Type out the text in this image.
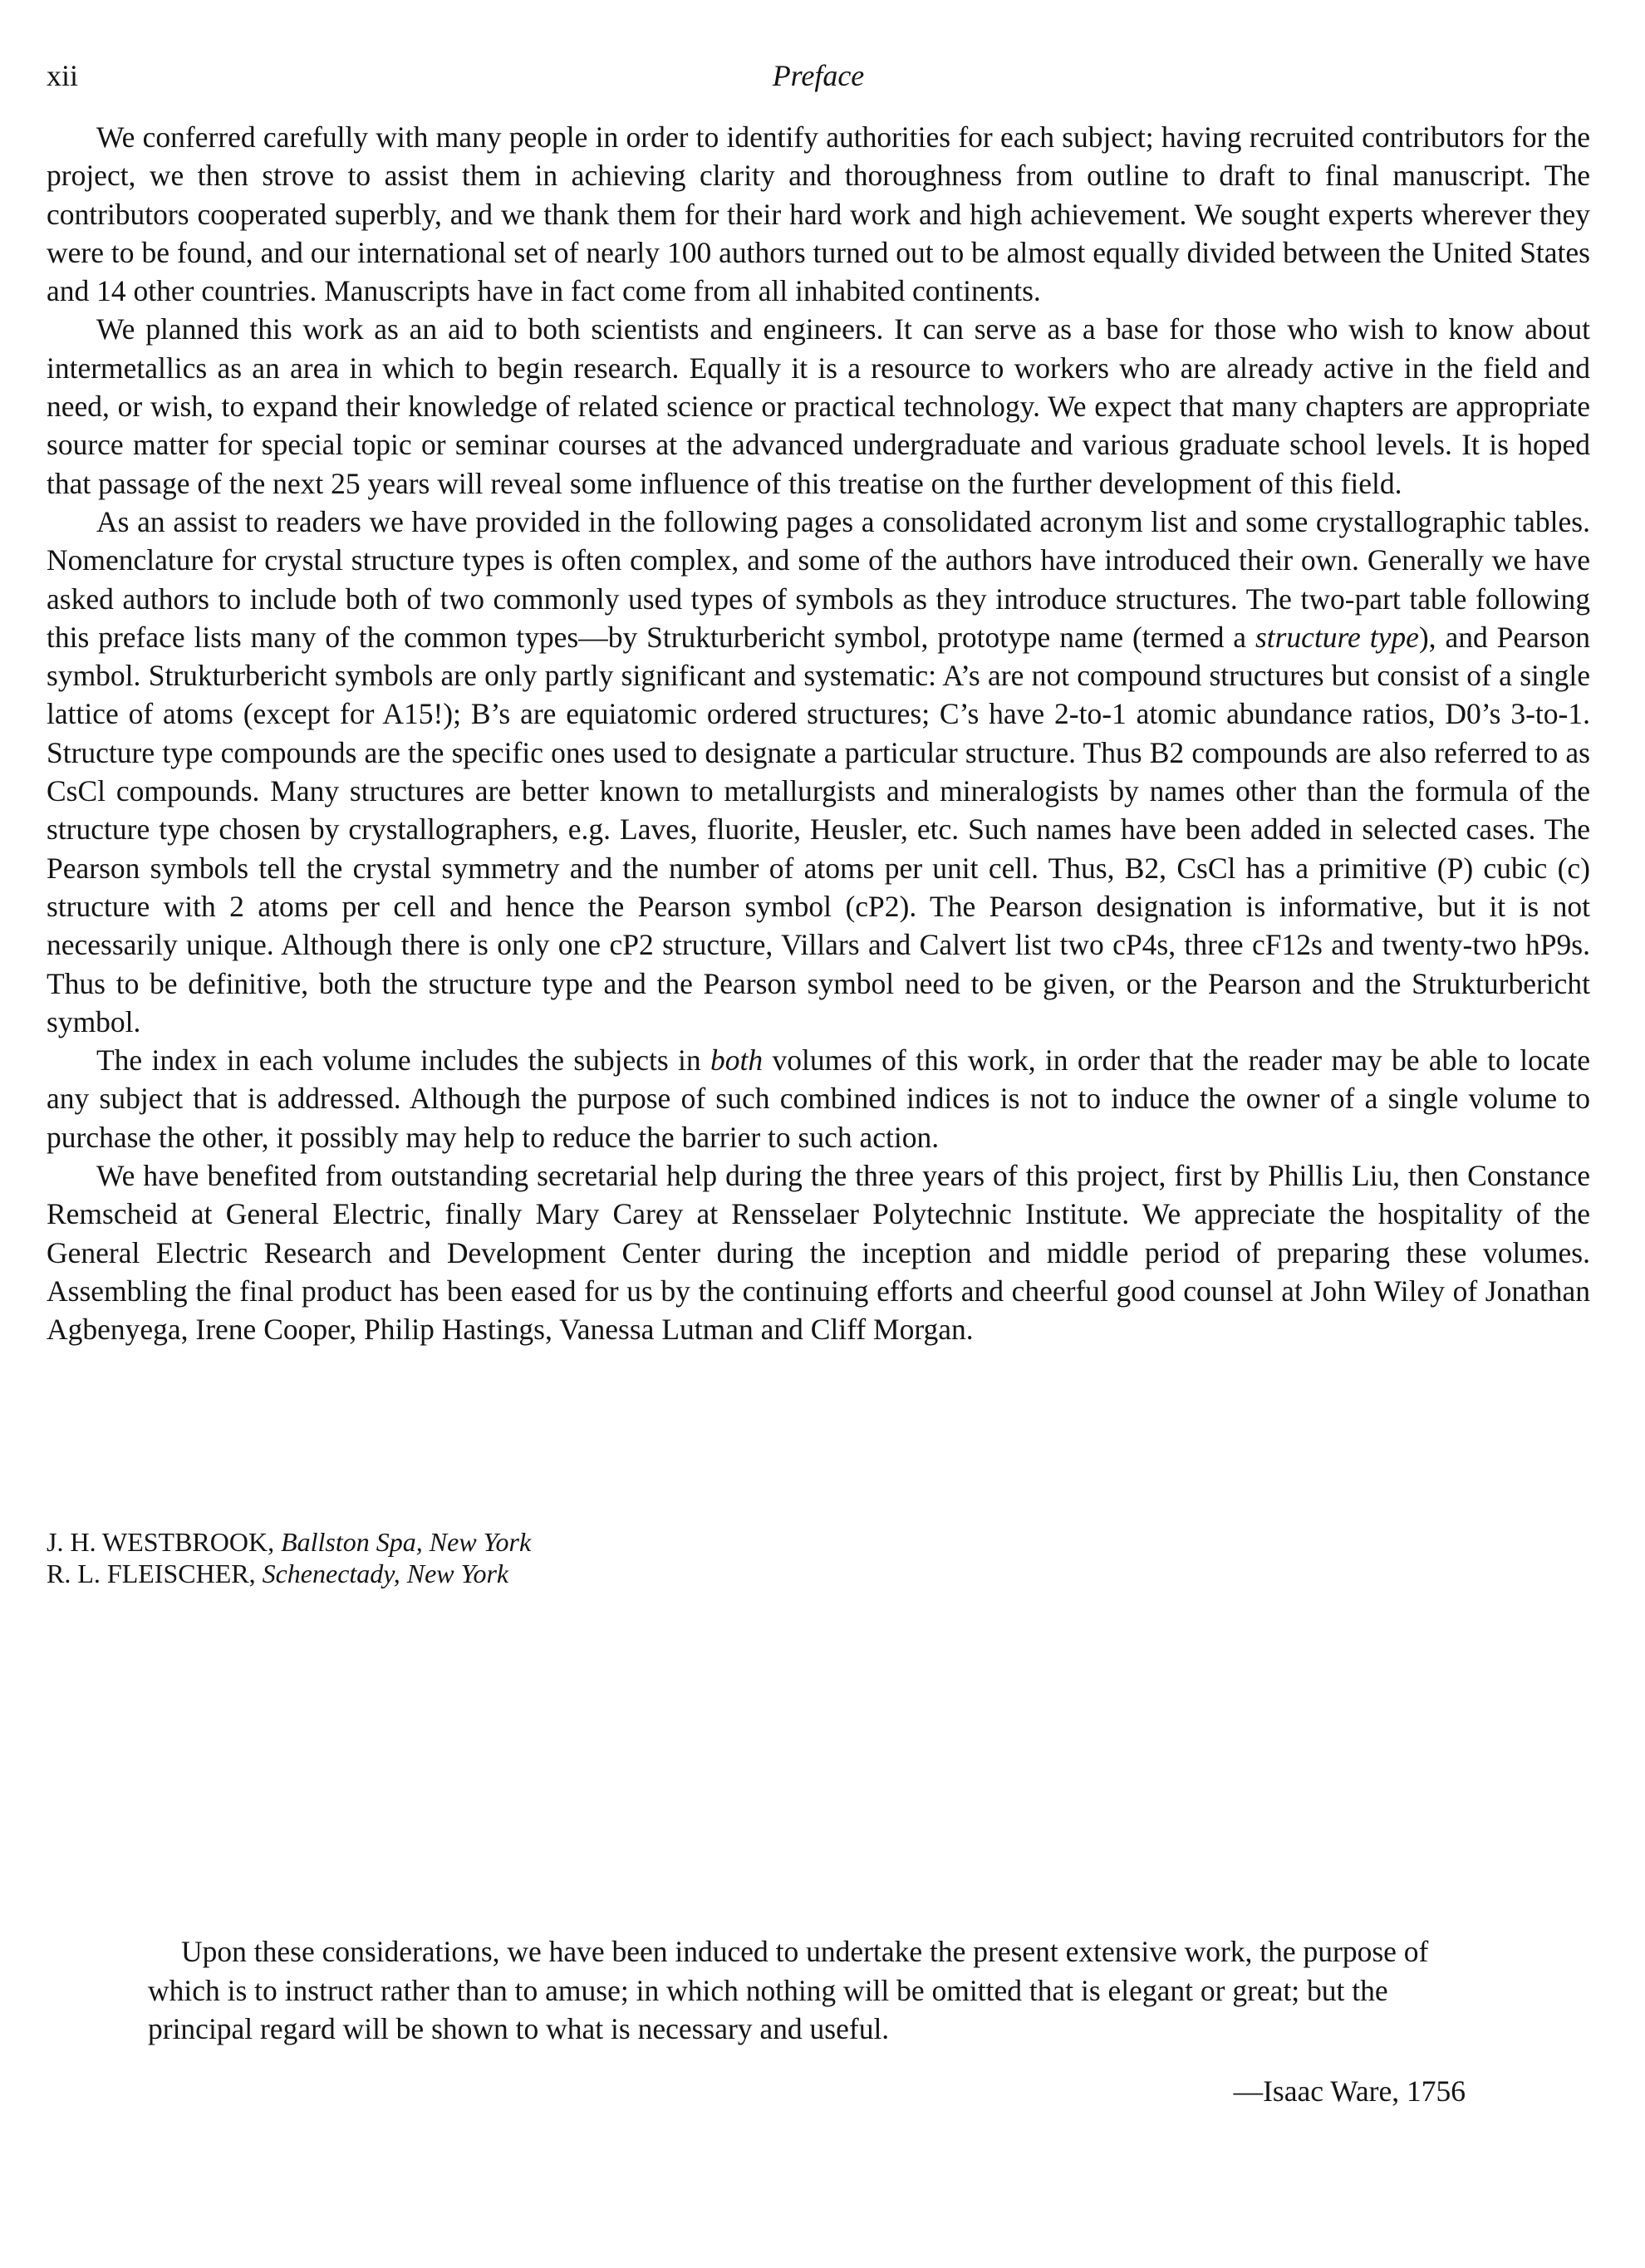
xii	Preface

We conferred carefully with many people in order to identify authorities for each subject; having recruited contributors for the project, we then strove to assist them in achieving clarity and thoroughness from outline to draft to final manuscript. The contributors cooperated superbly, and we thank them for their hard work and high achievement. We sought experts wherever they were to be found, and our international set of nearly 100 authors turned out to be almost equally divided between the United States and 14 other countries. Manuscripts have in fact come from all inhabited continents.

We planned this work as an aid to both scientists and engineers. It can serve as a base for those who wish to know about intermetallics as an area in which to begin research. Equally it is a resource to workers who are already active in the field and need, or wish, to expand their knowledge of related science or practical technology. We expect that many chapters are appropriate source matter for special topic or seminar courses at the advanced undergraduate and various graduate school levels. It is hoped that passage of the next 25 years will reveal some influence of this treatise on the further development of this field.

As an assist to readers we have provided in the following pages a consolidated acronym list and some crystallographic tables. Nomenclature for crystal structure types is often complex, and some of the authors have introduced their own. Generally we have asked authors to include both of two commonly used types of symbols as they introduce structures. The two-part table following this preface lists many of the common types—by Strukturbericht symbol, prototype name (termed a structure type), and Pearson symbol. Strukturbericht symbols are only partly significant and systematic: A’s are not compound structures but consist of a single lattice of atoms (except for A15!); B’s are equiatomic ordered structures; C’s have 2-to-1 atomic abundance ratios, D0’s 3-to-1. Structure type compounds are the specific ones used to designate a particular structure. Thus B2 compounds are also referred to as CsCl compounds. Many structures are better known to metallurgists and mineralogists by names other than the formula of the structure type chosen by crystallographers, e.g. Laves, fluorite, Heusler, etc. Such names have been added in selected cases. The Pearson symbols tell the crystal symmetry and the number of atoms per unit cell. Thus, B2, CsCl has a primitive (P) cubic (c) structure with 2 atoms per cell and hence the Pearson symbol (cP2). The Pearson designation is informative, but it is not necessarily unique. Although there is only one cP2 structure, Villars and Calvert list two cP4s, three cF12s and twenty-two hP9s. Thus to be definitive, both the structure type and the Pearson symbol need to be given, or the Pearson and the Strukturbericht symbol.

The index in each volume includes the subjects in both volumes of this work, in order that the reader may be able to locate any subject that is addressed. Although the purpose of such combined indices is not to induce the owner of a single volume to purchase the other, it possibly may help to reduce the barrier to such action.

We have benefited from outstanding secretarial help during the three years of this project, first by Phillis Liu, then Constance Remscheid at General Electric, finally Mary Carey at Rensselaer Polytechnic Institute. We appreciate the hospitality of the General Electric Research and Development Center during the inception and middle period of preparing these volumes. Assembling the final product has been eased for us by the continuing efforts and cheerful good counsel at John Wiley of Jonathan Agbenyega, Irene Cooper, Philip Hastings, Vanessa Lutman and Cliff Morgan.

J. H. WESTBROOK, Ballston Spa, New York
R. L. FLEISCHER, Schenectady, New York

Upon these considerations, we have been induced to undertake the present extensive work, the purpose of which is to instruct rather than to amuse; in which nothing will be omitted that is elegant or great; but the principal regard will be shown to what is necessary and useful.

—Isaac Ware, 1756
